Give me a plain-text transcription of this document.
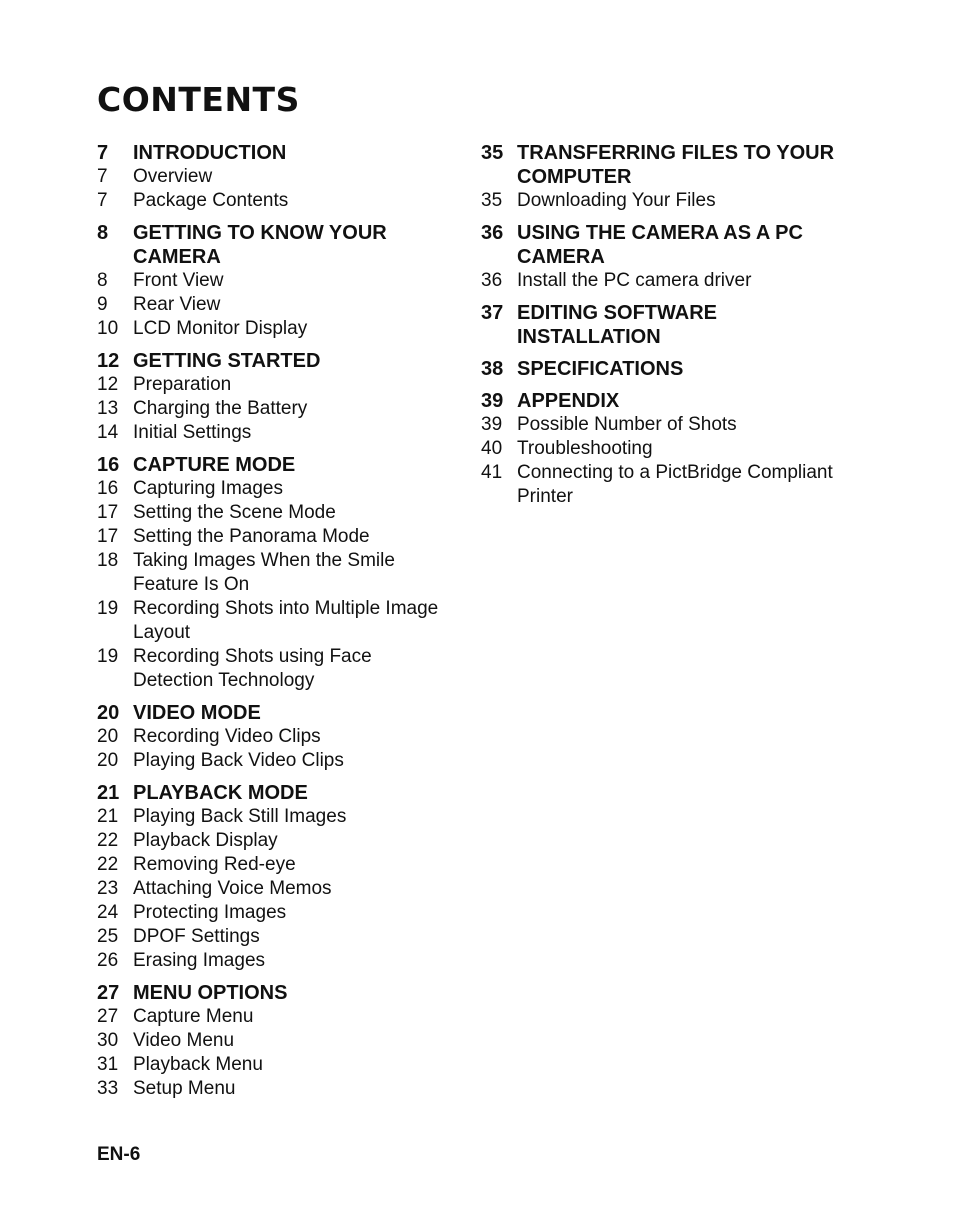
CONTENTS
7	INTRODUCTION
7	Overview
7	Package Contents
8	GETTING TO KNOW YOUR CAMERA
8	Front View
9	Rear View
10 LCD Monitor Display
12 GETTING STARTED
12 Preparation
13 Charging the Battery
14 Initial Settings
16 CAPTURE MODE
16 Capturing Images
17 Setting the Scene Mode
17 Setting the Panorama Mode
18 Taking Images When the Smile Feature Is On
19 Recording Shots into Multiple Image Layout
19 Recording Shots using Face Detection Technology
20 VIDEO MODE
20 Recording Video Clips
20 Playing Back Video Clips
21 PLAYBACK MODE
21 Playing Back Still Images
22 Playback Display
22 Removing Red-eye
23 Attaching Voice Memos
24 Protecting Images
25 DPOF Settings
26 Erasing Images
27 MENU OPTIONS
27 Capture Menu
30 Video Menu
31 Playback Menu
33 Setup Menu
35 TRANSFERRING FILES TO YOUR COMPUTER
35 Downloading Your Files
36 USING THE CAMERA AS A PC CAMERA
36 Install the PC camera driver
37 EDITING SOFTWARE INSTALLATION
38 SPECIFICATIONS
39 APPENDIX
39 Possible Number of Shots
40 Troubleshooting
41 Connecting to a PictBridge Compliant Printer
EN-6
